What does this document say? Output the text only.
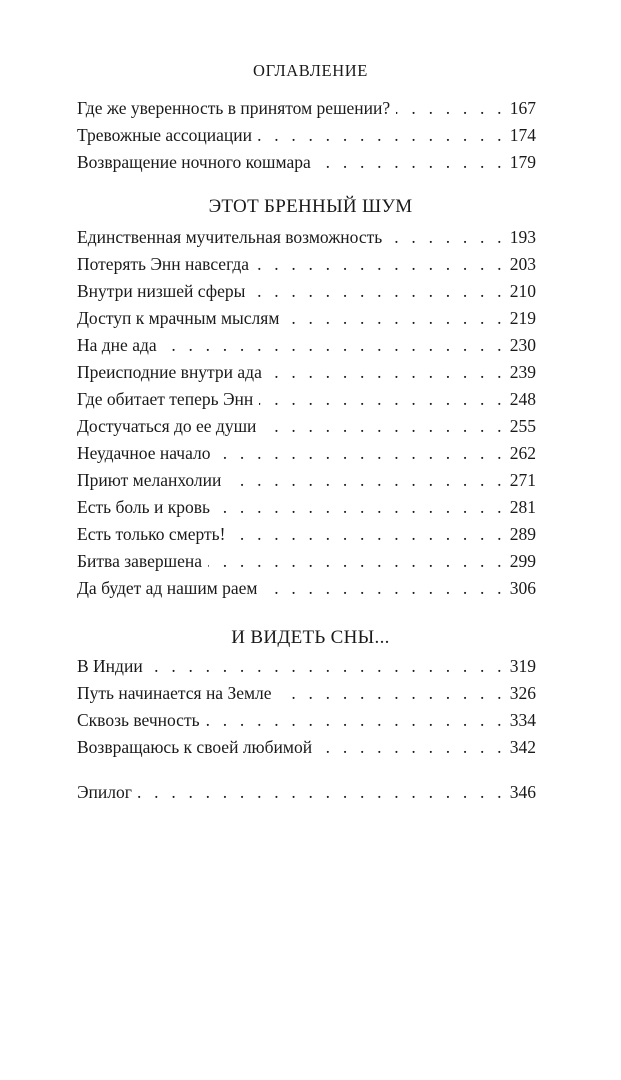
ОГЛАВЛЕНИЕ
Где же уверенность в принятом решении? . . .	167
Тревожные ассоциации . . .	174
Возвращение ночного кошмара . . .	179
ЭТОТ БРЕННЫЙ ШУМ
Единственная мучительная возможность . . .	193
Потерять Энн навсегда . . .	203
Внутри низшей сферы . . .	210
Доступ к мрачным мыслям . . .	219
На дне ада . . .	230
Преисподние внутри ада . . .	239
Где обитает теперь Энн . . .	248
Достучаться до ее души . . .	255
Неудачное начало . . .	262
Приют меланхолии . . .	271
Есть боль и кровь . . .	281
Есть только смерть! . . .	289
Битва завершена . . .	299
Да будет ад нашим раем . . .	306
И ВИДЕТЬ СНЫ...
В Индии . . .	319
Путь начинается на Земле . . .	326
Сквозь вечность . . .	334
Возвращаюсь к своей любимой . . .	342
Эпилог . . .	346
